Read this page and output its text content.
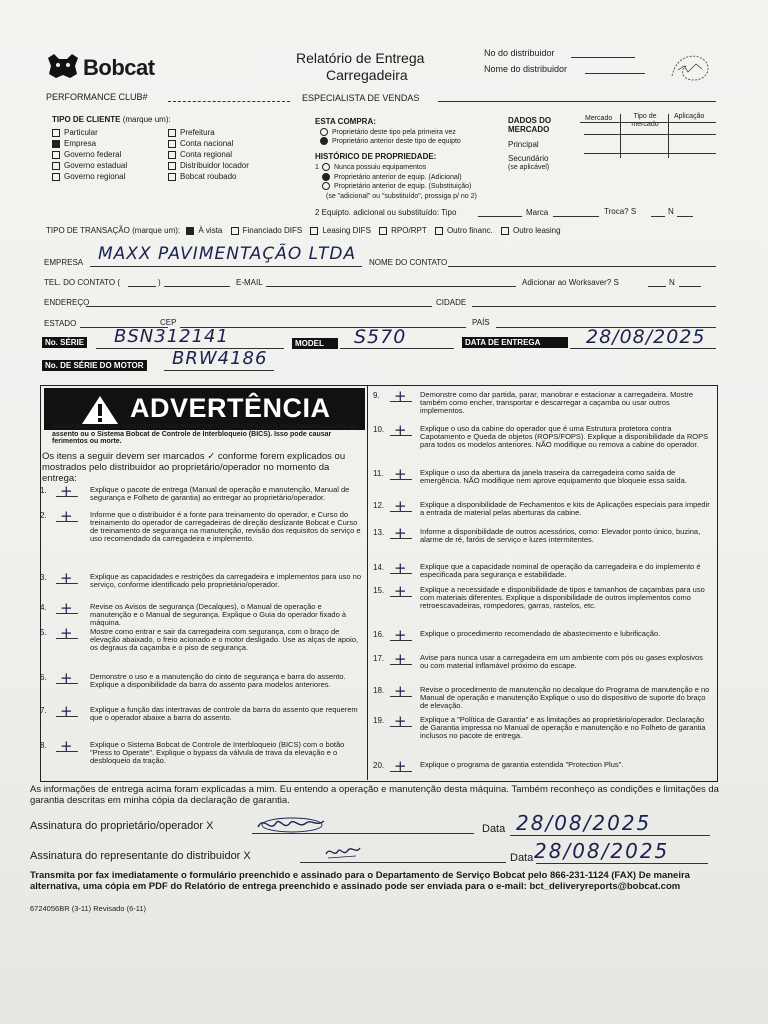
Bobcat	Relatório de Entrega
Carregadeira
No do distribuidor
Nome do distribuidor
PERFORMANCE CLUB#	ESPECIALISTA DE VENDAS
TIPO DE CLIENTE (marque um):
Particular
Empresa
Governo federal
Governo estadual
Governo regional
Prefeitura
Conta nacional
Conta regional
Distribuidor locador
Bobcat roubado
ESTA COMPRA:
Proprietário deste tipo pela primeira vez
Proprietário anterior deste tipo de equipto
HISTÓRICO DE PROPRIEDADE:
1 Nunca possuiu equipamentos
Proprietário anterior de equip. (Adicional)
Proprietário anterior de equip. (Substituição)
(se "adicional" ou "substituído", prossiga p/ no 2)
2 Equipto. adicional ou substituído: Tipo	Marca	Troca? S	N
DADOS DO MERCADO
Mercado	Tipo de mercado
Aplicação
Principal
Secundário
(se aplicável)
TIPO DE TRANSAÇÃO (marque um): À vista	Financiado DIFS	Leasing DIFS	RPO/RPT	Outro financ.	Outro leasing
EMPRESA MAXX PAVIMENTAÇÃO LTDA NOME DO CONTATO
TEL. DO CONTATO (	)	E-MAIL	Adicionar ao Worksaver? S	N
ENDEREÇO	CIDADE
ESTADO	CEP	PAÍS
No. SÉRIE BSN312141	MODEL	S570	DATA DE ENTREGA	28/08/2025
No. DE SÉRIE DO MOTOR BRW4186
ADVERTÊNCIA
Nunca faça mau uso da máquina. Não modifique as proteções, cinto de segurança, barra do assento ou o Sistema Bobcat de Controle de Interbloqueio (BICS). Isso pode causar ferimentos ou morte.
Os itens a seguir devem ser marcados ✓ conforme forem explicados ou mostrados pelo distribuidor ao proprietário/operador no momento da entrega:
As informações de entrega acima foram explicadas a mim. Eu entendo a operação e manutenção desta máquina. Também reconheço as condições e limitações da garantia descritas em minha cópia da declaração de garantia.
Assinatura do proprietário/operador X	Data 28/08/2025
Assinatura do representante do distribuidor X	Data 28/08/2025
Transmita por fax imediatamente o formulário preenchido e assinado para o Departamento de Serviço Bobcat pelo 866-231-1124 (FAX) De maneira alternativa, uma cópia em PDF do Relatório de entrega preenchido e assinado pode ser enviada para o e-mail: bct_deliveryreports@bobcat.com
6724056BR (3-11) Revisado (6-11)
1. + Explique o pacote de entrega (Manual de operação e manutenção, Manual de segurança e Folheto de garantia) ao entregar ao proprietário/operador.
2. + Informe que o distribuidor é a fonte para treinamento do operador, e Curso do treinamento do operador de carregadeiras de direção deslizante Bobcat e Curso de treinamento de segurança na manutenção, revisão dos requisitos do serviço e uso recomendado da carregadeira e implemento.
3. + Explique as capacidades e restrições da carregadeira e implementos para uso no serviço, conforme identificado pelo proprietário/operador.
4. + Revise os Avisos de segurança (Decalques), o Manual de operação e manutenção e o Manual de segurança. Explique o Guia do operador fixado à máquina.
5. + Mostre como entrar e sair da carregadeira com segurança, com o braço de elevação abaixado, o freio acionado e o motor desligado. Use as alças de apoio, os degraus da caçamba e o piso de segurança.
6. + Demonstre o uso e a manutenção do cinto de segurança e barra do assento. Explique a disponibilidade da barra do assento para modelos anteriores.
7. + Explique a função das intertravas de controle da barra do assento que requerem que o operador abaixe a barra do assento.
8. + Explique o Sistema Bobcat de Controle de Interbloqueio (BICS) com o botão "Press to Operate". Explique o bypass da válvula de trava da elevação e o desbloqueio da tração.
9. + Demonstre como dar partida, parar, manobrar e estacionar a carregadeira. Mostre também como encher, transportar e descarregar a caçamba ou usar outros implementos.
10. + Explique o uso da cabine do operador que é uma Estrutura protetora contra Capotamento e Queda de objetos (ROPS/FOPS). Explique a disponibilidade da ROPS para todos os modelos anteriores. NÃO modifique ou remova a cabine do operador.
11. + Explique o uso da abertura da janela traseira da carregadeira como saída de emergência. NÃO modifique nem aprove equipamento que bloqueie essa saída.
12. + Explique a disponibilidade de Fechamentos e kits de Aplicações especiais para impedir a entrada de material pelas aberturas da cabine.
13. + Informe a disponibilidade de outros acessórios, como: Elevador ponto único, buzina, alarme de ré, faróis de serviço e luzes intermitentes.
14. + Explique que a capacidade nominal de operação da carregadeira e do implemento é especificada para segurança e estabilidade.
15. + Explique a necessidade e disponibilidade de tipos e tamanhos de caçambas para uso com materiais diferentes. Explique a disponibilidade de outros implementos como retroescavadeiras, rompedores, garras, rastelos, etc.
16. + Explique o procedimento recomendado de abastecimento e lubrificação.
17. + Avise para nunca usar a carregadeira em um ambiente com pós ou gases explosivos ou com material inflamável próximo do escape.
18. + Revise o procedimento de manutenção no decalque do Programa de manutenção e no Manual de operação e manutenção Explique o uso do dispositivo de suporte do braço de elevação.
19. + Explique a "Política de Garantia" e as limitações ao proprietário/operador. Declaração de Garantia impressa no Manual de operação e manutenção e no Folheto de garantia inclusos no pacote de entrega.
20. + Explique o programa de garantia estendida "Protection Plus".
